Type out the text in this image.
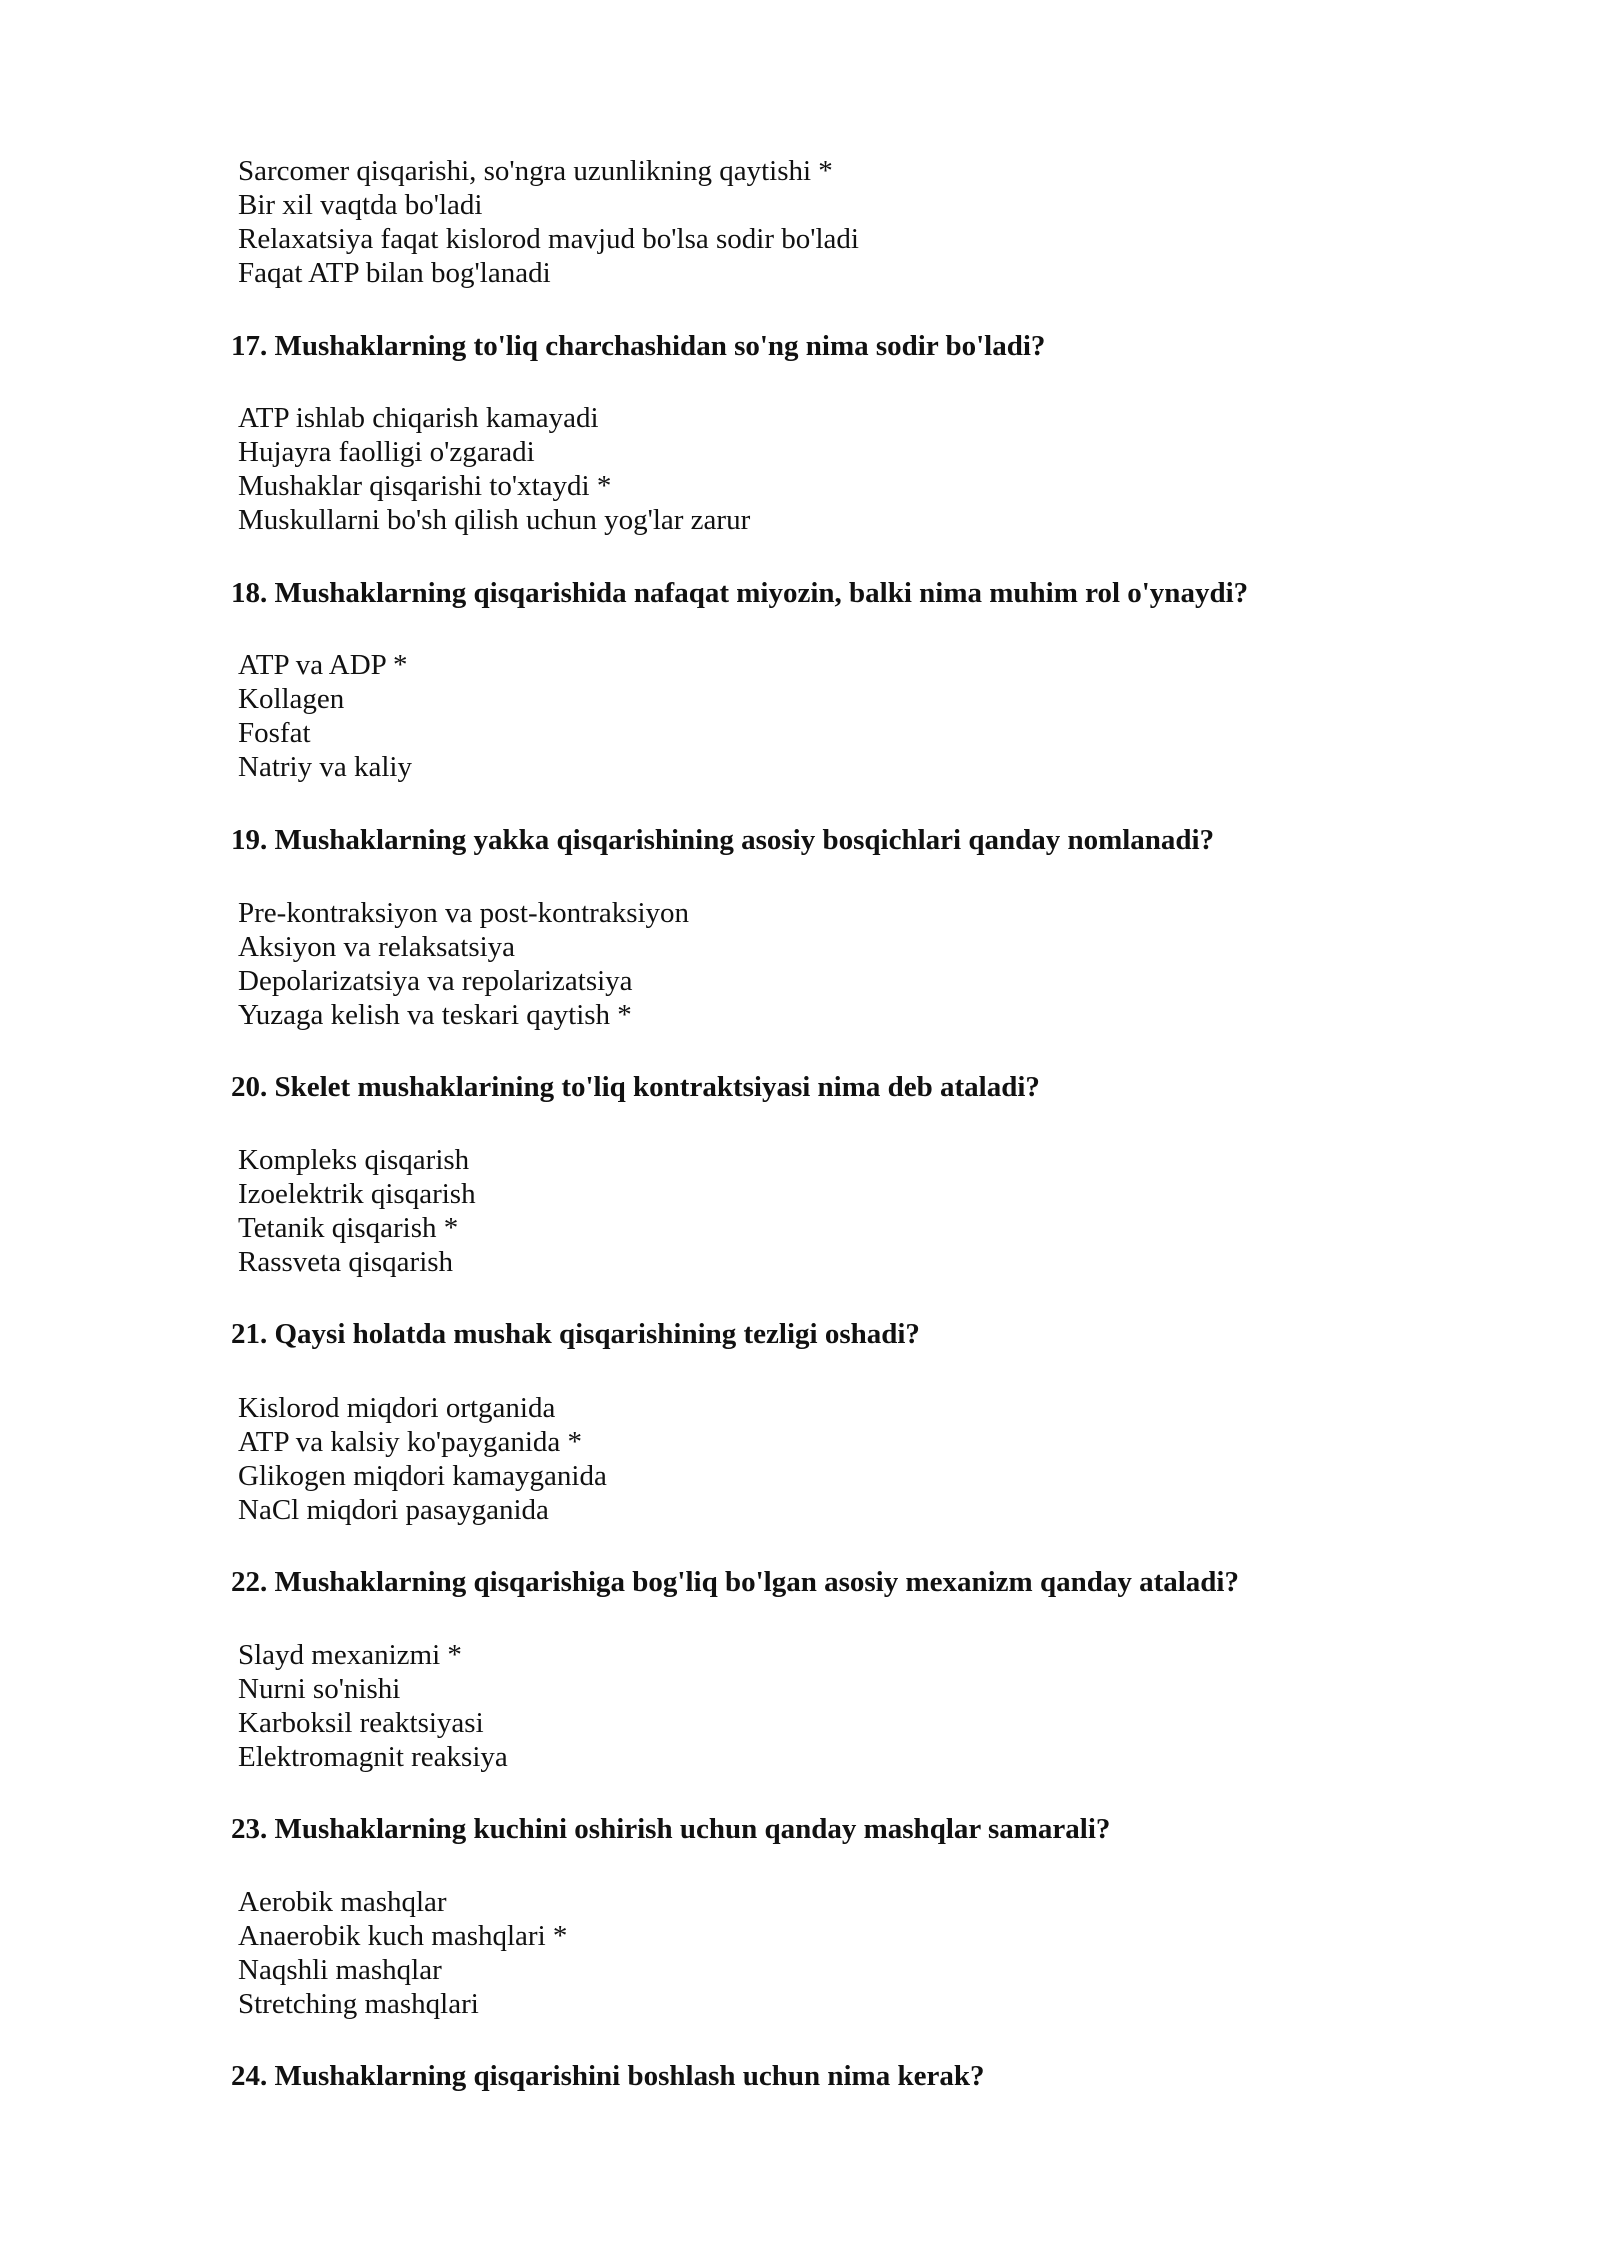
Sarcomer qisqarishi, so'ngra uzunlikning qaytishi *
Bir xil vaqtda bo'ladi
Relaxatsiya faqat kislorod mavjud bo'lsa sodir bo'ladi
Faqat ATP bilan bog'lanadi
17. Mushaklarning to'liq charchashidan so'ng nima sodir bo'ladi?
ATP ishlab chiqarish kamayadi
Hujayra faolligi o'zgaradi
Mushaklar qisqarishi to'xtaydi *
Muskullarni bo'sh qilish uchun yog'lar zarur
18. Mushaklarning qisqarishida nafaqat miyozin, balki nima muhim rol o'ynaydi?
ATP va ADP *
Kollagen
Fosfat
Natriy va kaliy
19. Mushaklarning yakka qisqarishining asosiy bosqichlari qanday nomlanadi?
Pre-kontraksiyon va post-kontraksiyon
Aksiyon va relaksatsiya
Depolarizatsiya va repolarizatsiya
Yuzaga kelish va teskari qaytish *
20. Skelet mushaklarining to'liq kontraktsiyasi nima deb ataladi?
Kompleks qisqarish
Izoelektrik qisqarish
Tetanik qisqarish *
Rassveta qisqarish
21. Qaysi holatda mushak qisqarishining tezligi oshadi?
Kislorod miqdori ortganida
ATP va kalsiy ko'payganida *
Glikogen miqdori kamayganida
NaCl miqdori pasayganida
22. Mushaklarning qisqarishiga bog'liq bo'lgan asosiy mexanizm qanday ataladi?
Slayd mexanizmi *
Nurni so'nishi
Karboksil reaktsiyasi
Elektromagnit reaksiya
23. Mushaklarning kuchini oshirish uchun qanday mashqlar samarali?
Aerobik mashqlar
Anaerobik kuch mashqlari *
Naqshli mashqlar
Stretching mashqlari
24. Mushaklarning qisqarishini boshlash uchun nima kerak?
